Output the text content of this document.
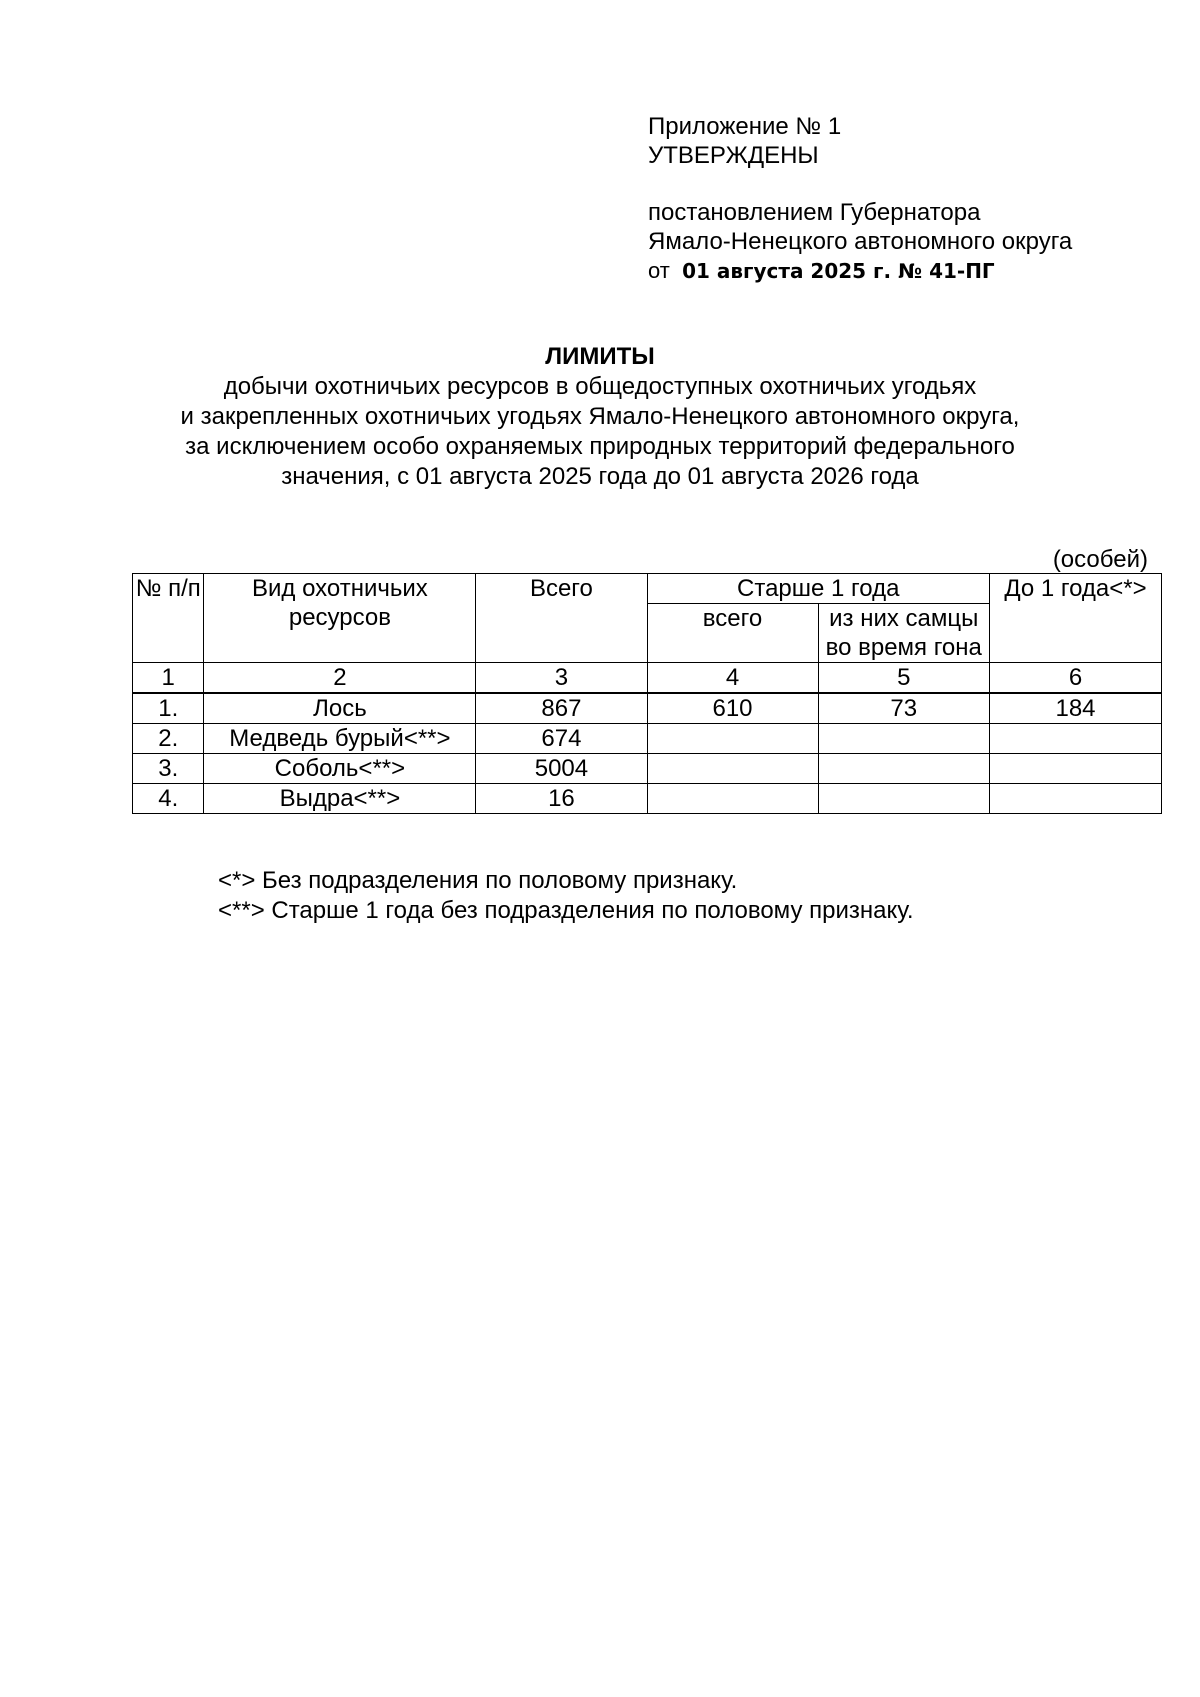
Приложение № 1
УТВЕРЖДЕНЫ
постановлением Губернатора
Ямало-Ненецкого автономного округа
от 01 августа 2025 г. № 41-ПГ
ЛИМИТЫ
добычи охотничьих ресурсов в общедоступных охотничьих угодьях
и закрепленных охотничьих угодьях Ямало-Ненецкого автономного округа,
за исключением особо охраняемых природных территорий федерального
значения, с 01 августа 2025 года до 01 августа 2026 года
(особей)
№ п/п	Вид охотничьих ресурсов	Всего	Старше 1 года		До 1 года<*>
			всего	из них самцы во время гона	
1	2	3	4	5	6
1.	Лось	867	610	73	184
2.	Медведь бурый<**>	674			
3.	Соболь<**>	5004			
4.	Выдра<**>	16			
<*> Без подразделения по половому признаку.
<**> Старше 1 года без подразделения по половому признаку.
